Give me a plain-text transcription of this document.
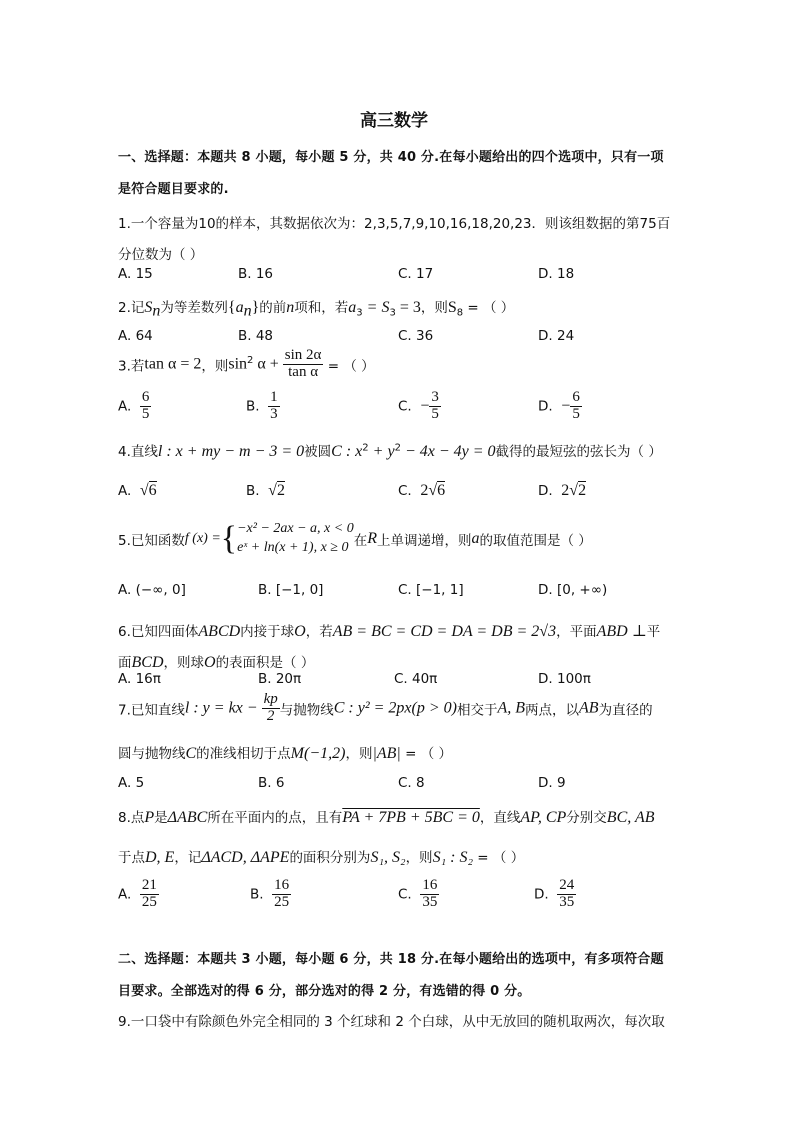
高三数学
一、选择题：本题共 8 小题，每小题 5 分，共 40 分.在每小题给出的四个选项中，只有一项
是符合题目要求的.
1.一个容量为10的样本，其数据依次为：2,3,5,7,9,10,16,18,20,23．则该组数据的第75百
分位数为（ ）
A. 15	B. 16	C. 17	D. 18
2.记$S_n$为等差数列$\{a_n\}$的前n项和，若$a_3 = S_3 = 3$，则$S_8$ = （ ）
A. 64	B. 48	C. 36	D. 24
3.若tan α = 2，则$\sin^2 \alpha + \frac{\sin 2\alpha}{\text{tan α}}$ = （ ）
A. $\frac{6}{5}$	B. $\frac{1}{3}$	C. − $\frac{3}{5}$	D. − $\frac{6}{5}$
4.直线l : x + my − m − 3 = 0被圆C : $x^2 + y^2 - 4x - 4y = 0$截得的最短弦的弦长为（ ）
A. √6	B. √2	C. 2√6	D. 2√2
5.已知函数f (x) ={ −x² − 2ax − a, x < 0
eˣ + ln(x + 1), x ≥ 0 在R上单调递增，则a的取值范围是（ ）
A. (−∞, 0]	B. [−1, 0]	C. [−1, 1]	D. [0, +∞)
6.已知四面体ABCD内接于球O，若AB = BC = CD = DA = DB = 2√3，平面ABD ⊥平
面BCD，则球O的表面积是（ ）
A. 16π	B. 20π	C. 40π	D. 100π
7.已知直线l : y = kx − $\frac{kp}{2}$ 与抛物线C : y² = 2px(p > 0)相交于A, B两点，以AB为直径的
圆与抛物线C的准线相切于点M(−1,2)，则|AB| = （ ）
A. 5	B. 6	C. 8	D. 9
8.点P是ΔABC所在平面内的点，且有PA + 7PB + 5BC = 0，直线AP, CP分别交BC, AB
于点D, E，记ΔACD, ΔAPE的面积分别为S₁, S₂，则S₁ : S₂ = （ ）
A. $\frac{21}{25}$	B. $\frac{16}{25}$	C. $\frac{16}{35}$	D. $\frac{24}{35}$
二、选择题：本题共 3 小题，每小题 6 分，共 18 分.在每小题给出的选项中，有多项符合题
目要求。全部选对的得 6 分，部分选对的得 2 分，有选错的得 0 分。
9.一口袋中有除颜色外完全相同的 3 个红球和 2 个白球，从中无放回的随机取两次，每次取
